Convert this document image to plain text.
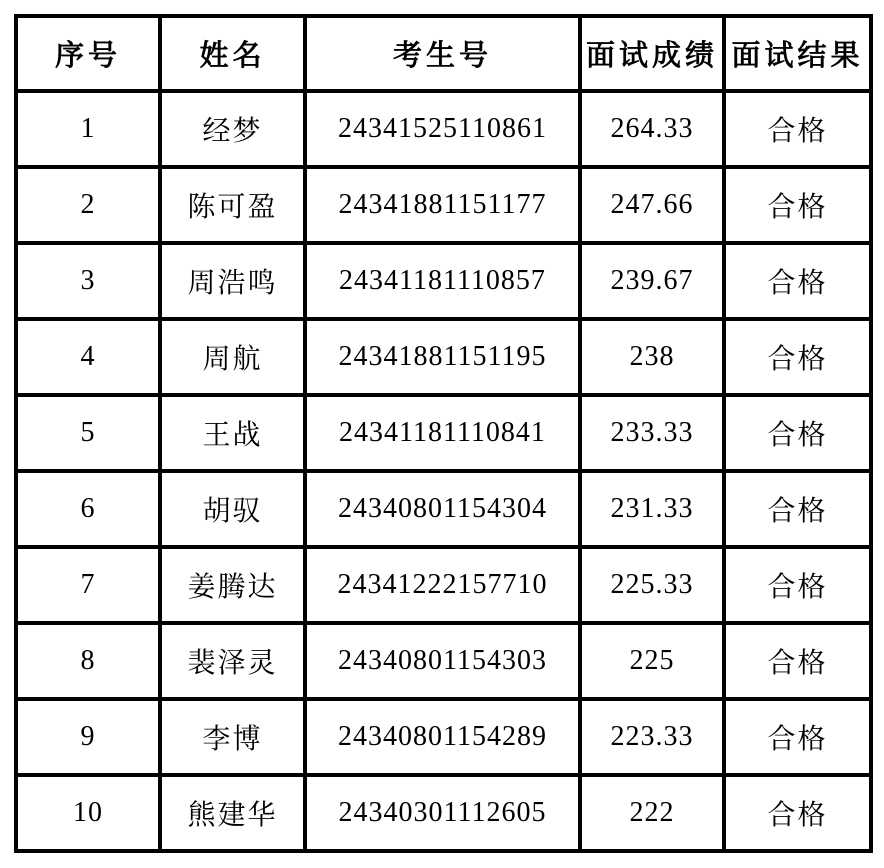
序号	姓名	考生号	面试成绩	面试结果
1	经梦	24341525110861	264.33	合格
2	陈可盈	24341881151177	247.66	合格
3	周浩鸣	24341181110857	239.67	合格
4	周航	24341881151195	238	合格
5	王战	24341181110841	233.33	合格
6	胡驭	24340801154304	231.33	合格
7	姜腾达	24341222157710	225.33	合格
8	裴泽灵	24340801154303	225	合格
9	李博	24340801154289	223.33	合格
10	熊建华	24340301112605	222	合格
